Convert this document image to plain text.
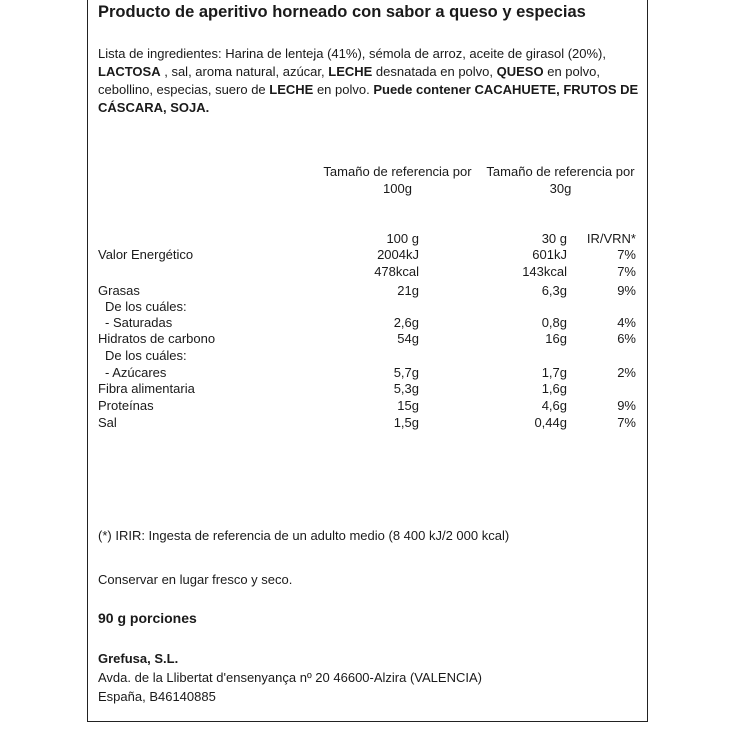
Producto de aperitivo horneado con sabor a queso y especias
Lista de ingredientes: Harina de lenteja (41%), sémola de arroz, aceite de girasol (20%), LACTOSA , sal, aroma natural, azúcar, LECHE desnatada en polvo, QUESO en polvo, cebollino, especias, suero de LECHE en polvo. Puede contener CACAHUETE, FRUTOS DE CÁSCARA, SOJA.
Tamaño de referencia por
100g
Tamaño de referencia por
30g
100 g	30 g IR/VRN*
Valor Energético	2004kJ	601kJ	7%
478kcal	143kcal	7%
Grasas	21g	6,3g	9%
De los cuáles:
- Saturadas	2,6g	0,8g	4%
Hidratos de carbono	54g	16g	6%
De los cuáles:
- Azúcares	5,7g	1,7g	2%
Fibra alimentaria	5,3g	1,6g
Proteínas	15g	4,6g	9%
Sal	1,5g	0,44g	7%
(*) IRIR: Ingesta de referencia de un adulto medio (8 400 kJ/2 000 kcal)
Conservar en lugar fresco y seco.
90 g porciones
Grefusa, S.L.
Avda. de la Llibertat d'ensenyança nº 20 46600-Alzira (VALENCIA)
España, B46140885
